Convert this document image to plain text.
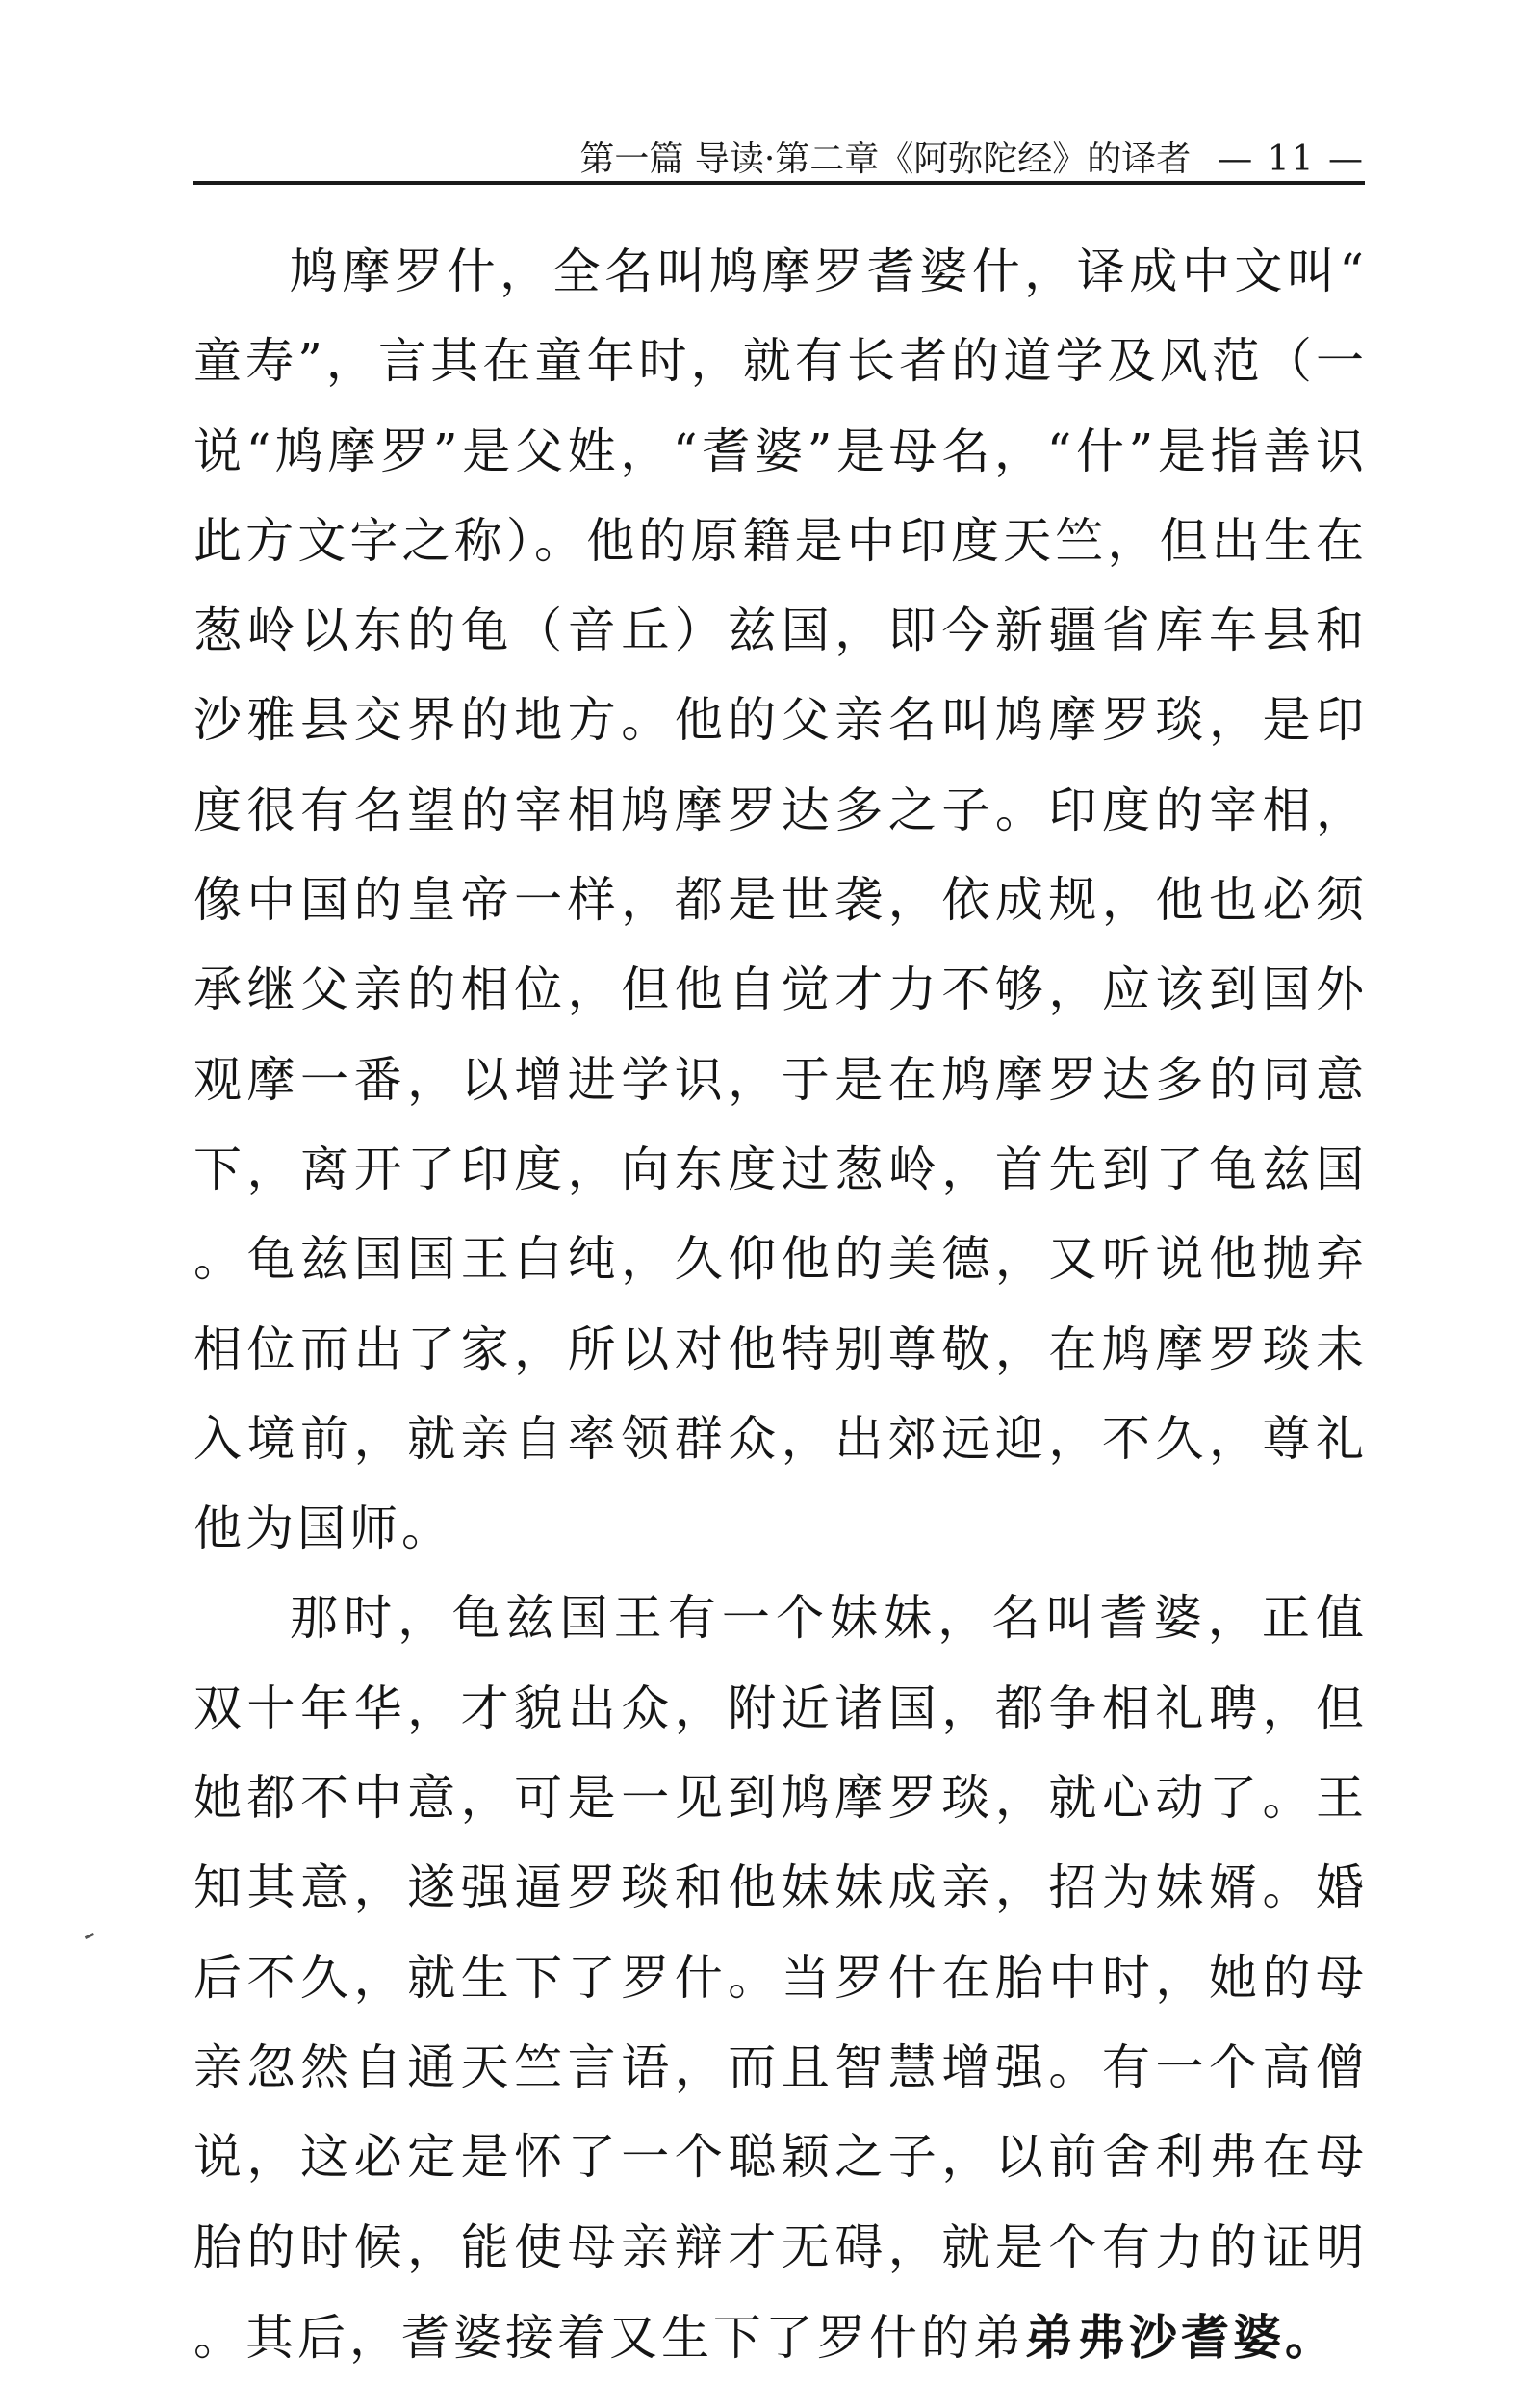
第一篇 导读·第二章《阿弥陀经》的译者 — 11 —

鸠摩罗什，全名叫鸠摩罗耆婆什，译成中文叫“童寿”，言其在童年时，就有长者的道学及风范（一说“鸠摩罗”是父姓，“耆婆”是母名，“什”是指善识此方文字之称）。他的原籍是中印度天竺，但出生在葱岭以东的龟（音丘）兹国，即今新疆省库车县和沙雅县交界的地方。他的父亲名叫鸠摩罗琰，是印度很有名望的宰相鸠摩罗达多之子。印度的宰相，像中国的皇帝一样，都是世袭，依成规，他也必须承继父亲的相位，但他自觉才力不够，应该到国外观摩一番，以增进学识，于是在鸠摩罗达多的同意下，离开了印度，向东度过葱岭，首先到了龟兹国。龟兹国国王白纯，久仰他的美德，又听说他抛弃相位而出了家，所以对他特别尊敬，在鸠摩罗琰未入境前，就亲自率领群众，出郊远迎，不久，尊礼他为国师。

那时，龟兹国王有一个妹妹，名叫耆婆，正值双十年华，才貌出众，附近诸国，都争相礼聘，但她都不中意，可是一见到鸠摩罗琰，就心动了。王知其意，遂强逼罗琰和他妹妹成亲，招为妹婿。婚后不久，就生下了罗什。当罗什在胎中时，她的母亲忽然自通天竺言语，而且智慧增强。有一个高僧说，这必定是怀了一个聪颖之子，以前舍利弗在母胎的时候，能使母亲辩才无碍，就是个有力的证明。其后，耆婆接着又生下了罗什的弟弟弗沙耆婆。
